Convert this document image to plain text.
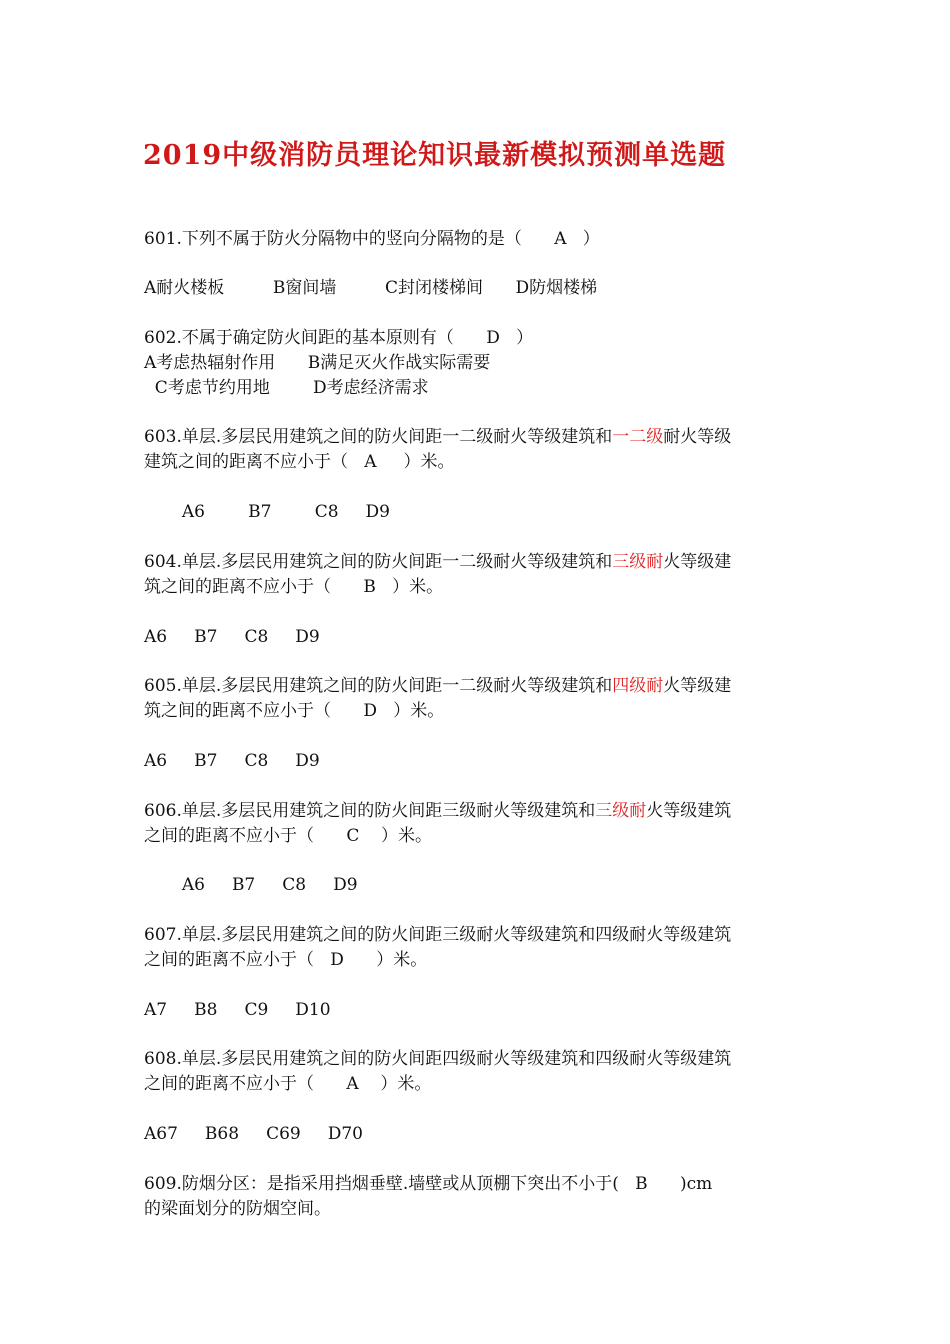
2019中级消防员理论知识最新模拟预测单选题

601.下列不属于防火分隔物中的竖向分隔物的是（      A   ）

A耐火楼板         B窗间墙         C封闭楼梯间      D防烟楼梯

602.不属于确定防火间距的基本原则有（      D   ）

A考虑热辐射作用      B满足灭火作战实际需要

C考虑节约用地        D考虑经济需求

603.单层.多层民用建筑之间的防火间距一二级耐火等级建筑和一二级耐火等级

建筑之间的距离不应小于（   A     ）米。

A6        B7        C8     D9

604.单层.多层民用建筑之间的防火间距一二级耐火等级建筑和三级耐火等级建

筑之间的距离不应小于（      B   ）米。

A6     B7     C8     D9

605.单层.多层民用建筑之间的防火间距一二级耐火等级建筑和四级耐火等级建

筑之间的距离不应小于（      D   ）米。

A6     B7     C8     D9

606.单层.多层民用建筑之间的防火间距三级耐火等级建筑和三级耐火等级建筑

之间的距离不应小于（      C    ）米。

A6     B7     C8     D9

607.单层.多层民用建筑之间的防火间距三级耐火等级建筑和四级耐火等级建筑

之间的距离不应小于（   D      ）米。

A7     B8     C9     D10

608.单层.多层民用建筑之间的防火间距四级耐火等级建筑和四级耐火等级建筑

之间的距离不应小于（      A    ）米。

A67     B68     C69     D70

609.防烟分区：是指采用挡烟垂壁.墙壁或从顶棚下突出不小于(   B      )cm

的梁面划分的防烟空间。
